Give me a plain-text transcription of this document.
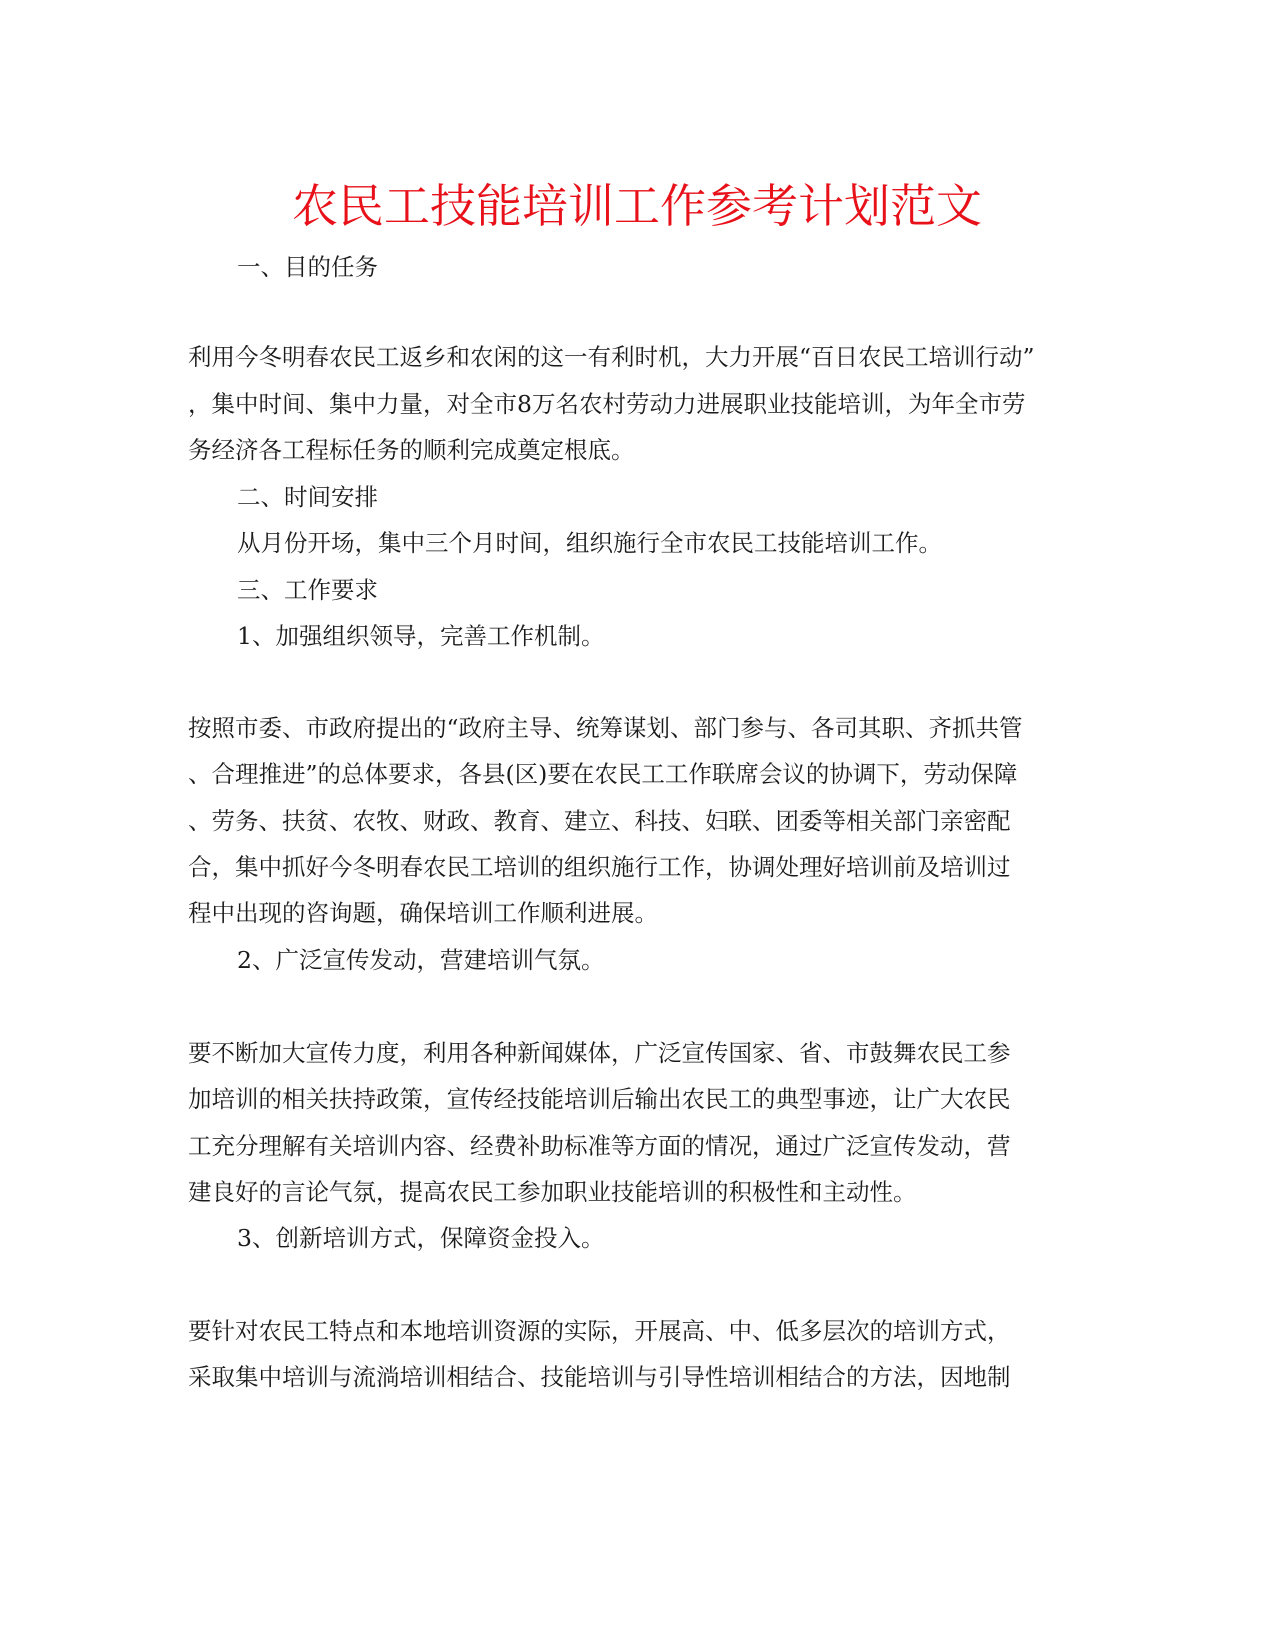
农民工技能培训工作参考计划范文
一、目的任务
利用今冬明春农民工返乡和农闲的这一有利时机，大力开展“百日农民工培训行动”
，集中时间、集中力量，对全市8万名农村劳动力进展职业技能培训，为年全市劳
务经济各工程标任务的顺利完成奠定根底。
二、时间安排
从月份开场，集中三个月时间，组织施行全市农民工技能培训工作。
三、工作要求
1、加强组织领导，完善工作机制。
按照市委、市政府提出的“政府主导、统筹谋划、部门参与、各司其职、齐抓共管
、合理推进”的总体要求，各县(区)要在农民工工作联席会议的协调下，劳动保障
、劳务、扶贫、农牧、财政、教育、建立、科技、妇联、团委等相关部门亲密配
合，集中抓好今冬明春农民工培训的组织施行工作，协调处理好培训前及培训过
程中出现的咨询题，确保培训工作顺利进展。
2、广泛宣传发动，营建培训气氛。
要不断加大宣传力度，利用各种新闻媒体，广泛宣传国家、省、市鼓舞农民工参
加培训的相关扶持政策，宣传经技能培训后输出农民工的典型事迹，让广大农民
工充分理解有关培训内容、经费补助标准等方面的情况，通过广泛宣传发动，营
建良好的言论气氛，提高农民工参加职业技能培训的积极性和主动性。
3、创新培训方式，保障资金投入。
要针对农民工特点和本地培训资源的实际，开展高、中、低多层次的培训方式，
采取集中培训与流淌培训相结合、技能培训与引导性培训相结合的方法，因地制
